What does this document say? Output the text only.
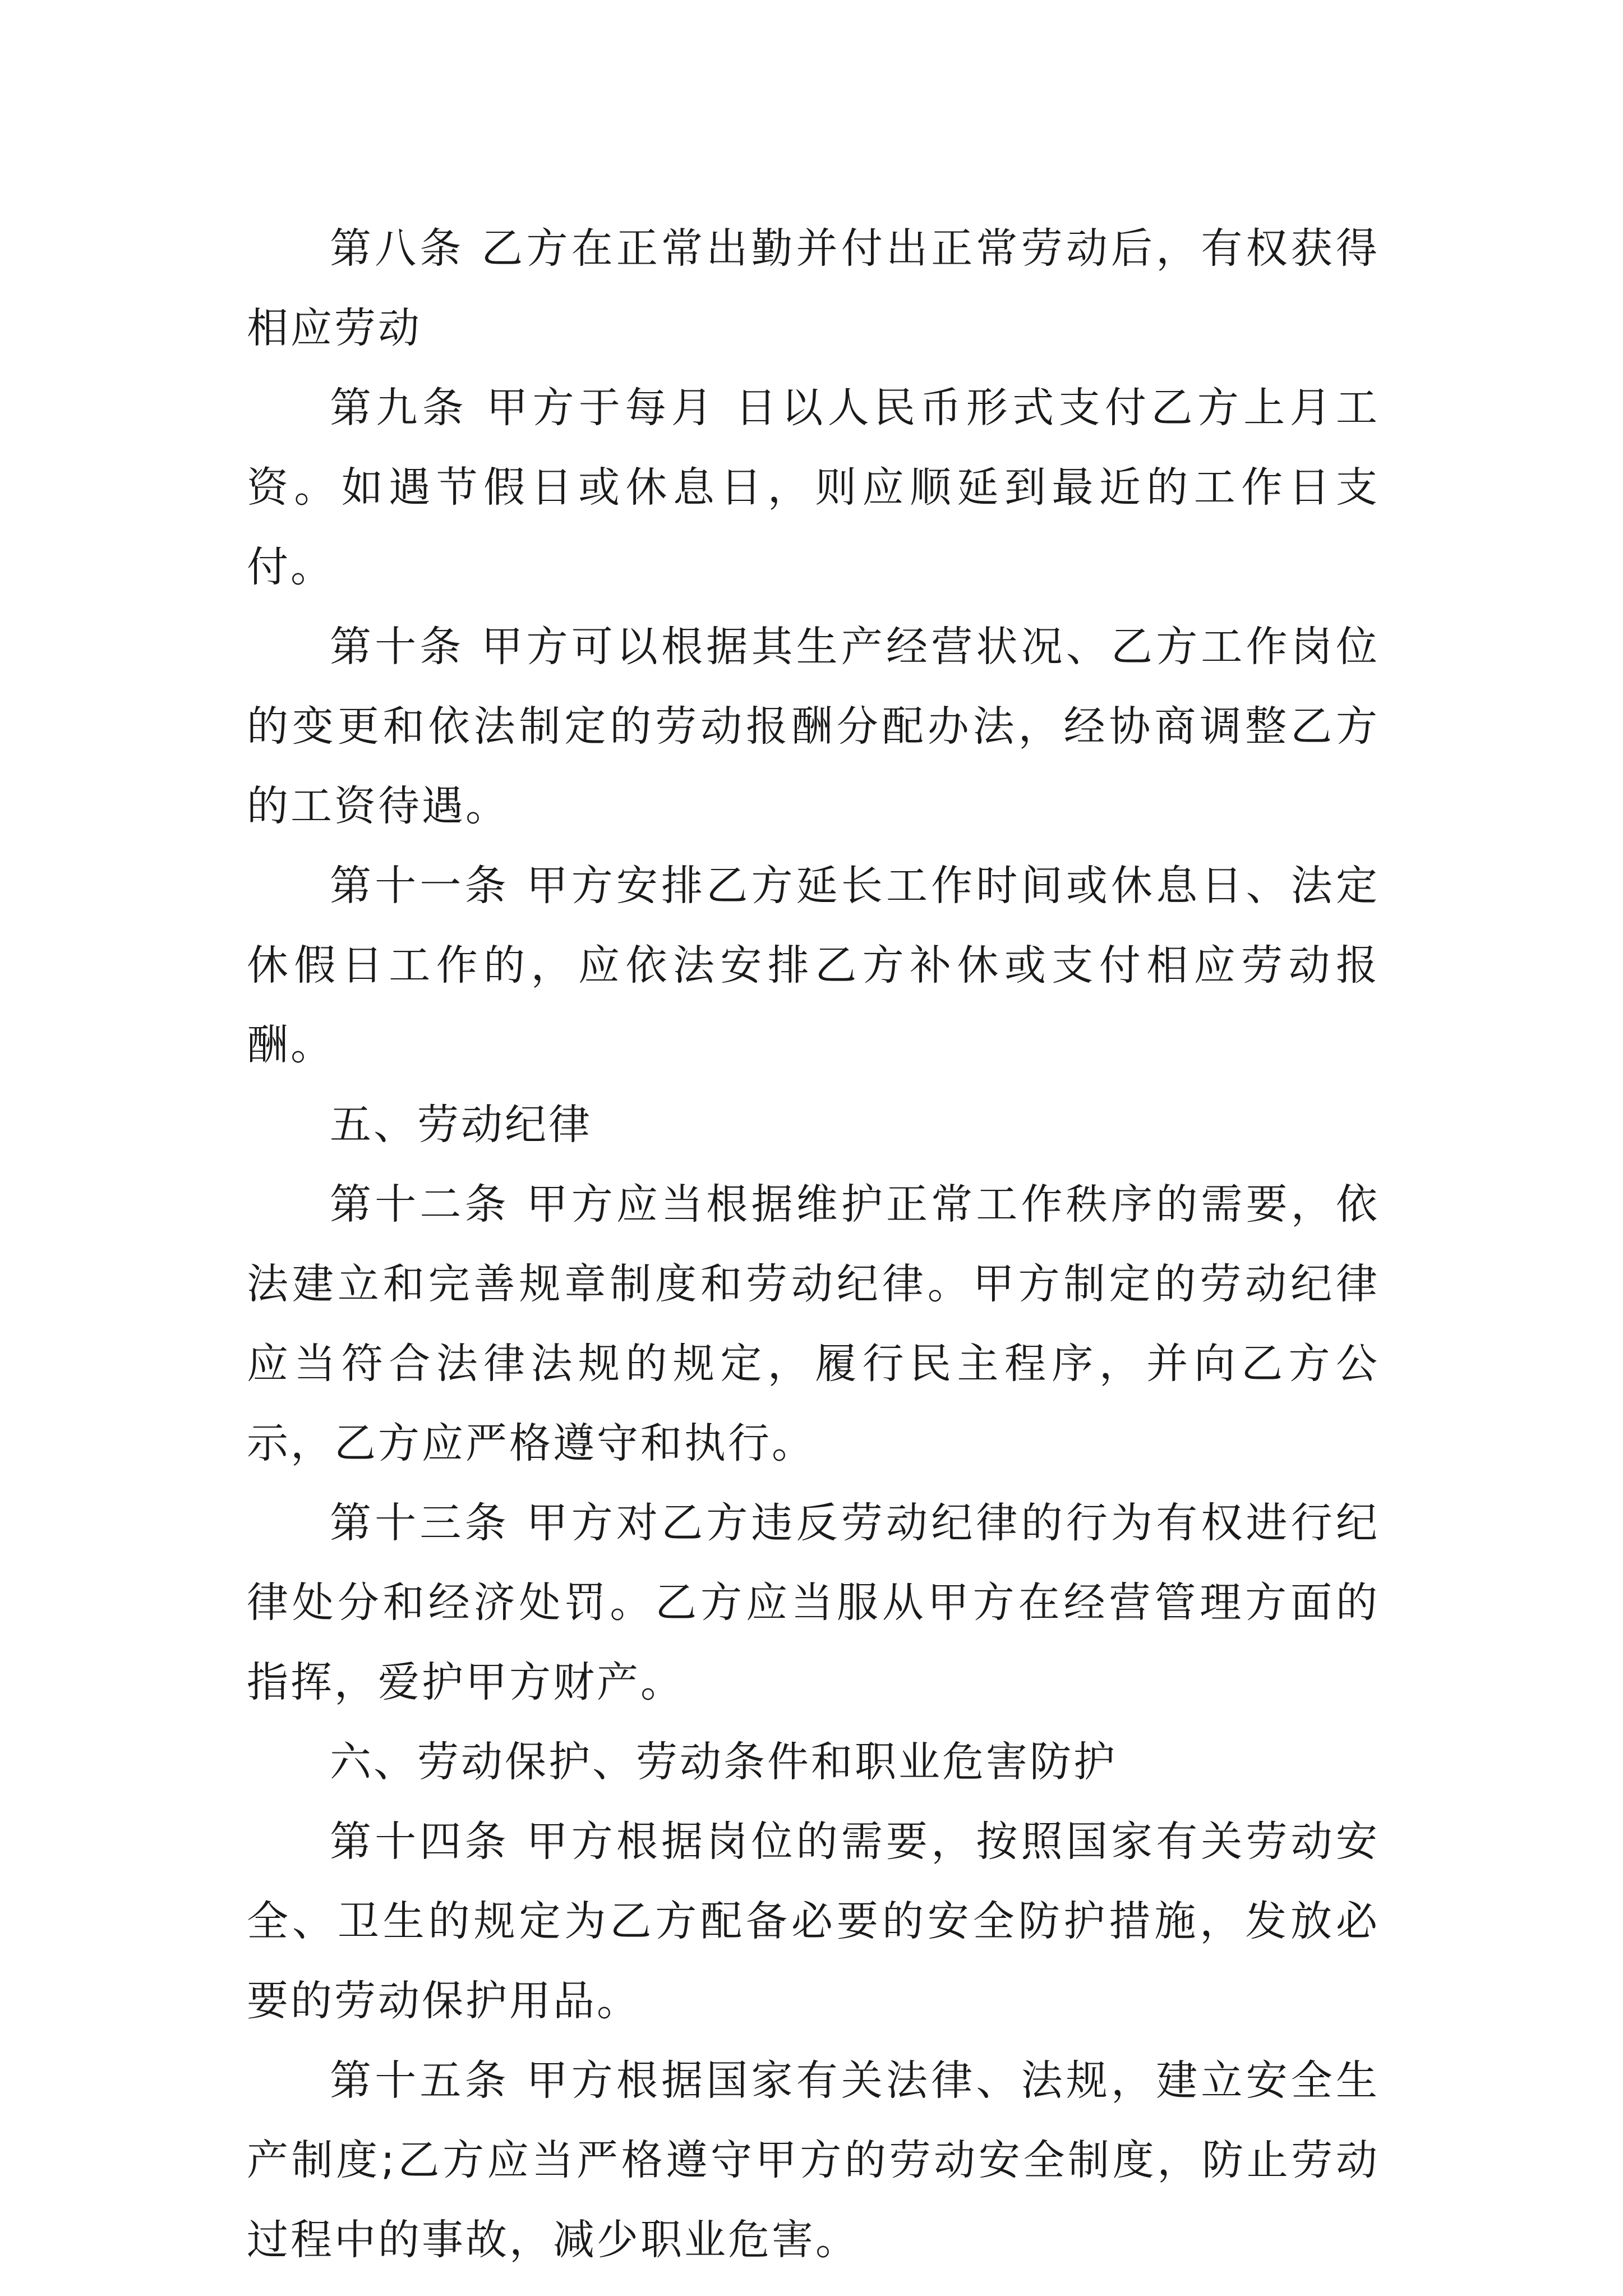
第八条 乙方在正常出勤并付出正常劳动后，有权获得相应劳动

第九条 甲方于每月 日以人民币形式支付乙方上月工资。如遇节假日或休息日，则应顺延到最近的工作日支付。

第十条 甲方可以根据其生产经营状况、乙方工作岗位的变更和依法制定的劳动报酬分配办法，经协商调整乙方的工资待遇。

第十一条 甲方安排乙方延长工作时间或休息日、法定休假日工作的，应依法安排乙方补休或支付相应劳动报酬。

五、劳动纪律

第十二条 甲方应当根据维护正常工作秩序的需要，依法建立和完善规章制度和劳动纪律。甲方制定的劳动纪律应当符合法律法规的规定，履行民主程序，并向乙方公示，乙方应严格遵守和执行。

第十三条 甲方对乙方违反劳动纪律的行为有权进行纪律处分和经济处罚。乙方应当服从甲方在经营管理方面的指挥，爱护甲方财产。

六、劳动保护、劳动条件和职业危害防护

第十四条 甲方根据岗位的需要，按照国家有关劳动安全、卫生的规定为乙方配备必要的安全防护措施，发放必要的劳动保护用品。

第十五条 甲方根据国家有关法律、法规，建立安全生产制度;乙方应当严格遵守甲方的劳动安全制度，防止劳动过程中的事故，减少职业危害。
